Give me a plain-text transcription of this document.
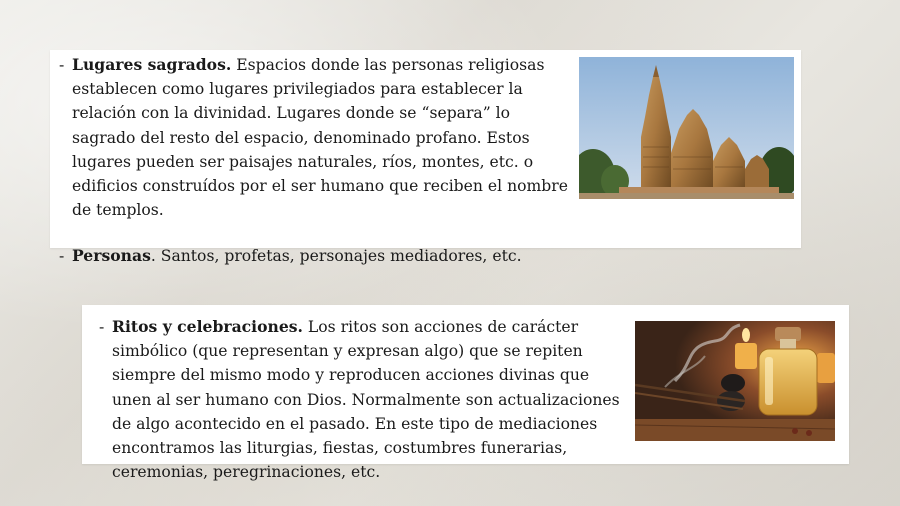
- Lugares sagrados. Espacios donde las personas religiosas establecen como lugares privilegiados para establecer la relación con la divinidad. Lugares donde se “separa” lo sagrado del resto del espacio, denominado profano. Estos lugares pueden ser paisajes naturales, ríos, montes, etc. o edificios construídos por el ser humano que reciben el nombre de templos.
- Personas. Santos, profetas, personajes mediadores, etc.
- Ritos y celebraciones. Los ritos son acciones de carácter simbólico (que representan y expresan algo) que se repiten siempre del mismo modo y reproducen acciones divinas que unen al ser humano con Dios. Normalmente son actualizaciones de algo acontecido en el pasado. En este tipo de mediaciones encontramos las liturgias, fiestas, costumbres funerarias, ceremonias, peregrinaciones, etc.
